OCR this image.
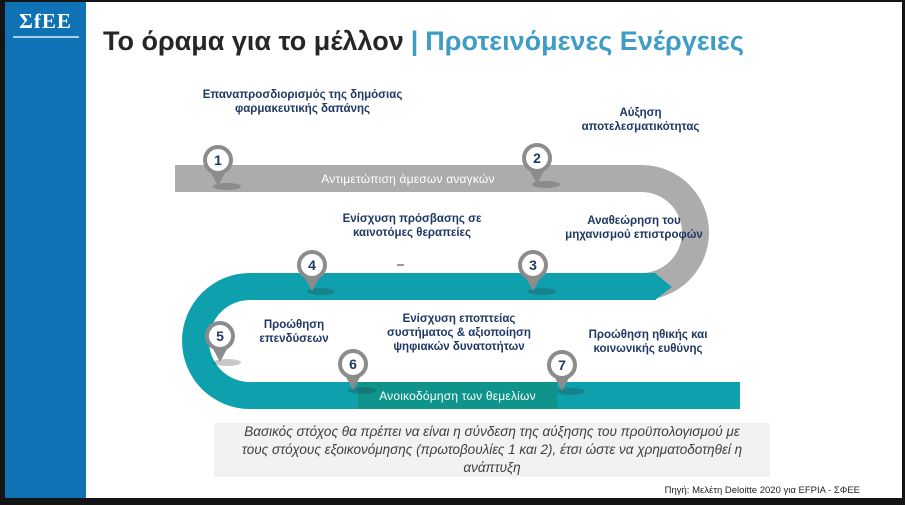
ΣfΕΕ
Το όραμα για το μέλλον | Προτεινόμενες Ενέργειες
Αντιμετώπιση άμεσων αναγκών
Ανοικοδόμηση των θεμελίων
1	2
3
4
5
6	7
Επαναπροσδιορισμός της δημόσιας φαρμακευτικής δαπάνης	Αύξηση αποτελεσματικότητας
Αναθεώρηση του μηχανισμού επιστροφών
Ενίσχυση πρόσβασης σε καινοτόμες θεραπείες
Προώθηση επενδύσεων
Ενίσχυση εποπτείας συστήματος & αξιοποίηση ψηφιακών δυνατοτήτων
Προώθηση ηθικής και κοινωνικής ευθύνης
Βασικός στόχος θα πρέπει να είναι η σύνδεση της αύξησης του προϋπολογισμού με τους στόχους εξοικονόμησης (πρωτοβουλίες 1 και 2), έτσι ώστε να χρηματοδοτηθεί η ανάπτυξη
Πηγή: Μελέτη Deloitte 2020 για EFPIA - ΣΦΕΕ
